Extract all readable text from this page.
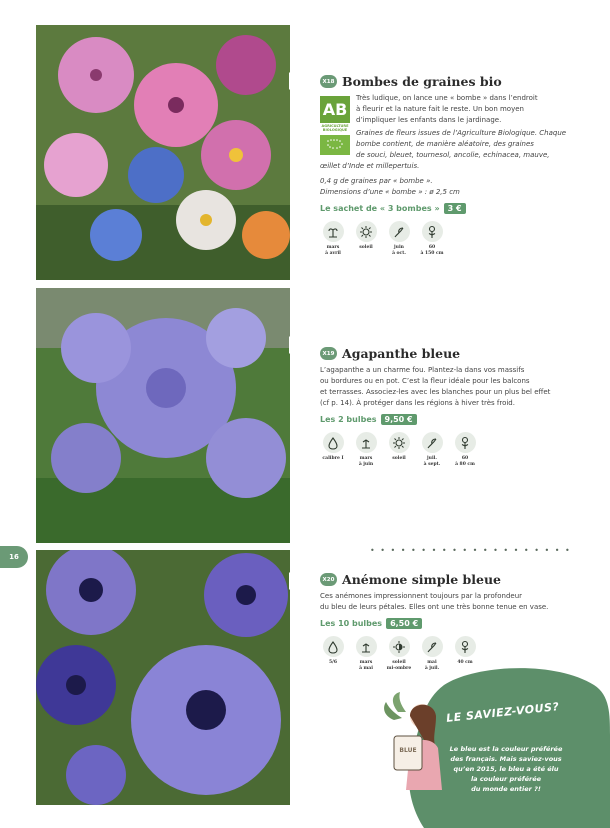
X18 Bombes de graines bio
AB
AGRICULTURE BIOLOGIQUE
Très ludique, on lance une « bombe » dans l’endroit
à fleurir et la nature fait le reste. Un bon moyen
d’impliquer les enfants dans le jardinage.
Graines de fleurs issues de l’Agriculture Biologique. Chaque
bombe contient, de manière aléatoire, des graines
de souci, bleuet, tournesol, ancolie, echinacea, mauve,
œillet d’Inde et millepertuis.
0,4 g de graines par « bombe ».
Dimensions d’une « bombe » : ø 2,5 cm
Le sachet de « 3 bombes »	3 €
mars
à avril
soleil	juin
à oct.
60
à 150 cm
X19 Agapanthe bleue
L’agapanthe a un charme fou. Plantez-la dans vos massifs
ou bordures ou en pot. C’est la fleur idéale pour les balcons
et terrasses. Associez-les avec les blanches pour un plus bel effet
(cf p. 14). À protéger dans les régions à hiver très froid.
Les 2 bulbes	9,50 €
calibre I	mars
à juin
soleil	juil.
à sept.
60
à 80 cm
16
• • • • • • • • • • • • • • • • • • • •
X20 Anémone simple bleue
Ces anémones impressionnent toujours par la profondeur
du bleu de leurs pétales. Elles ont une très bonne tenue en vase.
Les 10 bulbes	6,50 €
5/6	mars
à mai
soleil
mi-ombre
mai
à juil.
40 cm
BLUE
LE SAVIEZ-VOUS?
Le bleu est la couleur préférée
des français. Mais saviez-vous
qu’en 2015, le bleu a été élu
la couleur préférée
du monde entier ?!
